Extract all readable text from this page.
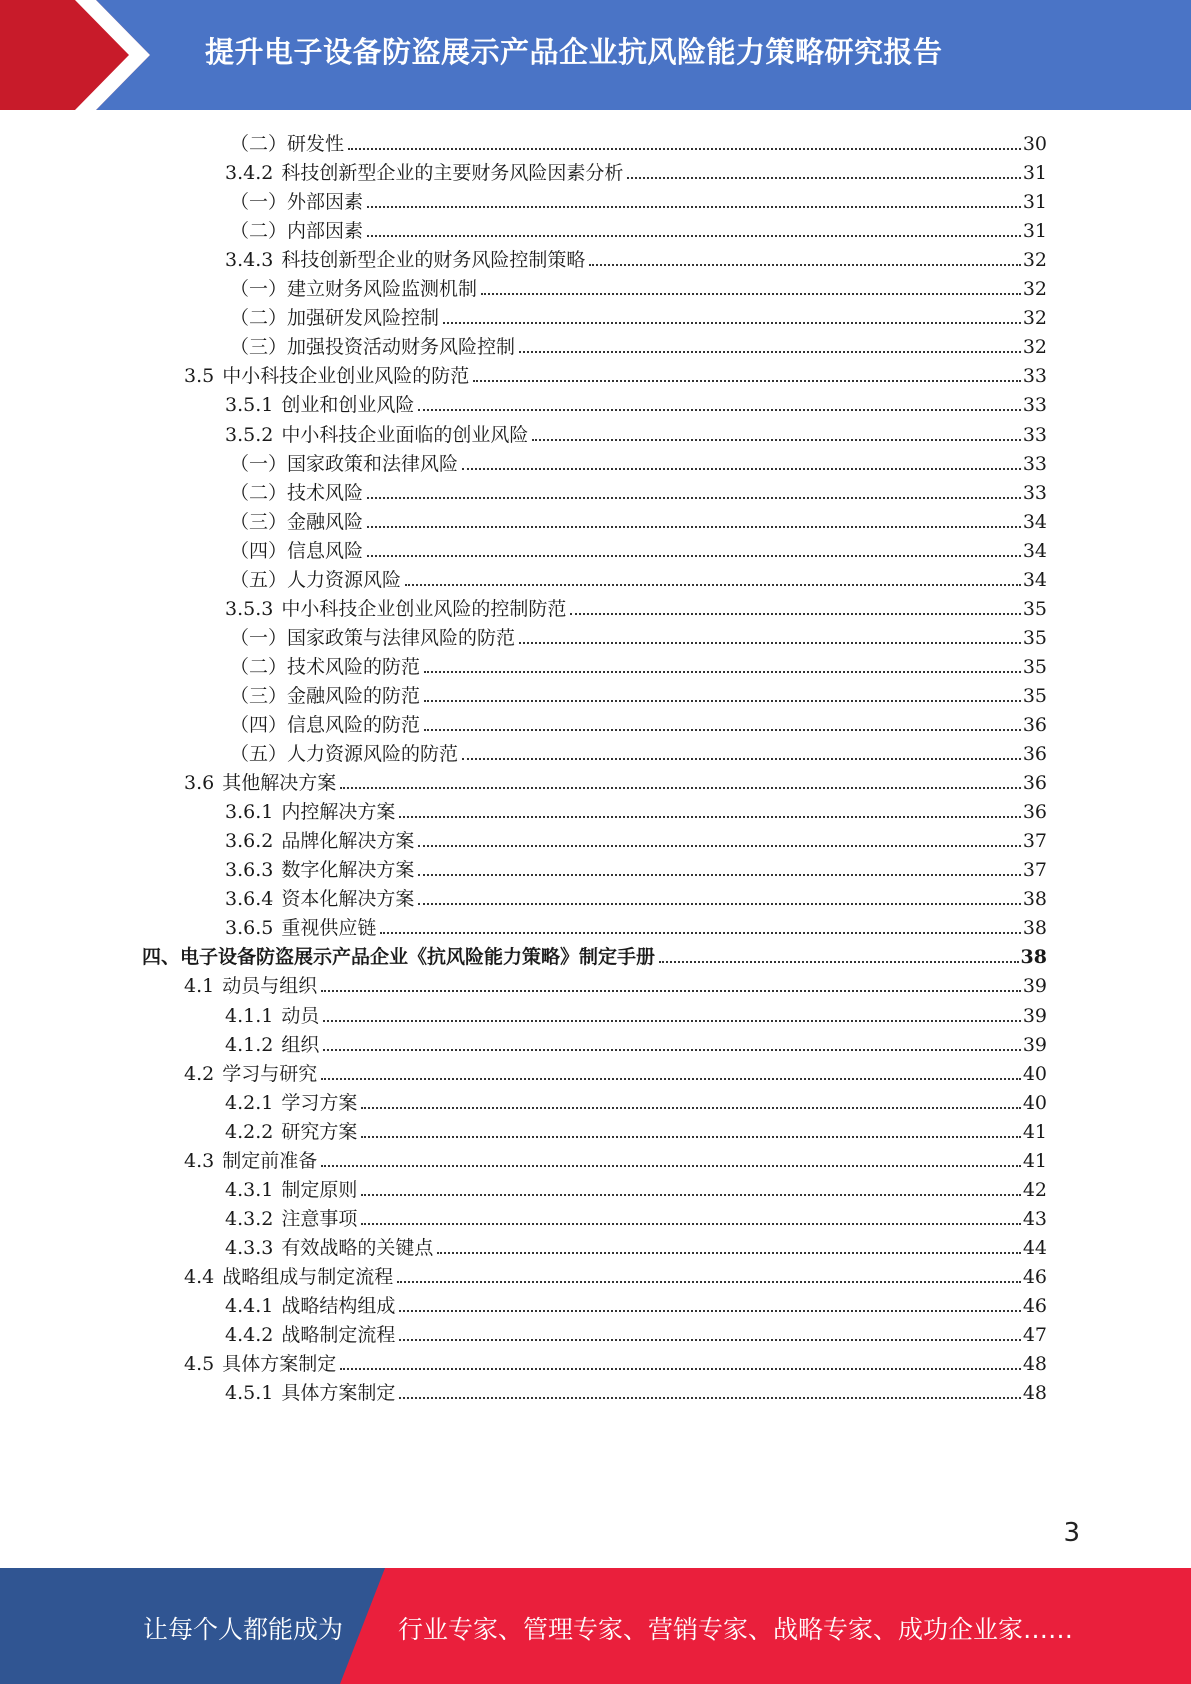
提升电子设备防盗展示产品企业抗风险能力策略研究报告
（二）研发性	30
3.4.2 科技创新型企业的主要财务风险因素分析	31
（一）外部因素	31
（二）内部因素	31
3.4.3 科技创新型企业的财务风险控制策略	32
（一）建立财务风险监测机制	32
（二）加强研发风险控制	32
（三）加强投资活动财务风险控制	32
3.5 中小科技企业创业风险的防范	33
3.5.1 创业和创业风险	33
3.5.2 中小科技企业面临的创业风险	33
（一）国家政策和法律风险	33
（二）技术风险	33
（三）金融风险	34
（四）信息风险	34
（五）人力资源风险	34
3.5.3 中小科技企业创业风险的控制防范	35
（一）国家政策与法律风险的防范	35
（二）技术风险的防范	35
（三）金融风险的防范	35
（四）信息风险的防范	36
（五）人力资源风险的防范	36
3.6 其他解决方案	36
3.6.1 内控解决方案	36
3.6.2 品牌化解决方案	37
3.6.3 数字化解决方案	37
3.6.4 资本化解决方案	38
3.6.5 重视供应链	38
四、电子设备防盗展示产品企业《抗风险能力策略》制定手册	38
4.1 动员与组织	39
4.1.1 动员	39
4.1.2 组织	39
4.2 学习与研究	40
4.2.1 学习方案	40
4.2.2 研究方案	41
4.3 制定前准备	41
4.3.1 制定原则	42
4.3.2 注意事项	43
4.3.3 有效战略的关键点	44
4.4 战略组成与制定流程	46
4.4.1 战略结构组成	46
4.4.2 战略制定流程	47
4.5 具体方案制定	48
4.5.1 具体方案制定	48
3
让每个人都能成为 行业专家、管理专家、营销专家、战略专家、成功企业家……
